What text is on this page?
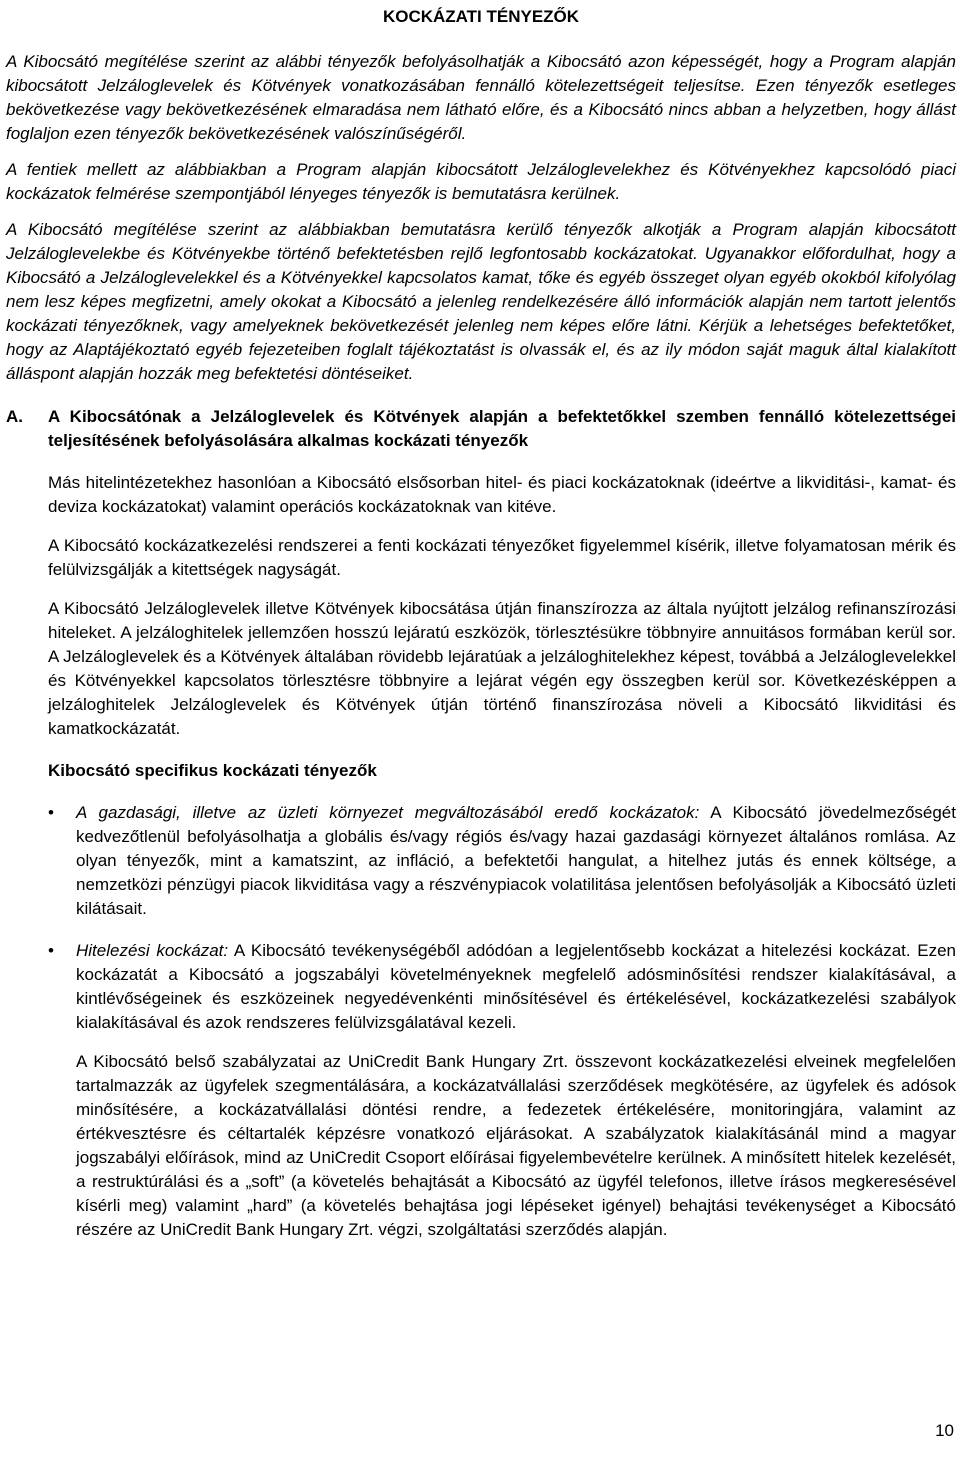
KOCKÁZATI TÉNYEZŐK

A Kibocsátó megítélése szerint az alábbi tényezők befolyásolhatják a Kibocsátó azon képességét, hogy a Program alapján kibocsátott Jelzáloglevelek és Kötvények vonatkozásában fennálló kötelezettségeit teljesítse. Ezen tényezők esetleges bekövetkezése vagy bekövetkezésének elmaradása nem látható előre, és a Kibocsátó nincs abban a helyzetben, hogy állást foglaljon ezen tényezők bekövetkezésének valószínűségéről.

A fentiek mellett az alábbiakban a Program alapján kibocsátott Jelzáloglevelekhez és Kötvényekhez kapcsolódó piaci kockázatok felmérése szempontjából lényeges tényezők is bemutatásra kerülnek.

A Kibocsátó megítélése szerint az alábbiakban bemutatásra kerülő tényezők alkotják a Program alapján kibocsátott Jelzáloglevelekbe és Kötvényekbe történő befektetésben rejlő legfontosabb kockázatokat. Ugyanakkor előfordulhat, hogy a Kibocsátó a Jelzáloglevelekkel és a Kötvényekkel kapcsolatos kamat, tőke és egyéb összeget olyan egyéb okokból kifolyólag nem lesz képes megfizetni, amely okokat a Kibocsátó a jelenleg rendelkezésére álló információk alapján nem tartott jelentős kockázati tényezőknek, vagy amelyeknek bekövetkezését jelenleg nem képes előre látni. Kérjük a lehetséges befektetőket, hogy az Alaptájékoztató egyéb fejezeteiben foglalt tájékoztatást is olvassák el, és az ily módon saját maguk által kialakított álláspont alapján hozzák meg befektetési döntéseiket.

A.	A Kibocsátónak a Jelzáloglevelek és Kötvények alapján a befektetőkkel szemben fennálló kötelezettségei teljesítésének befolyásolására alkalmas kockázati tényezők

Más hitelintézetekhez hasonlóan a Kibocsátó elsősorban hitel- és piaci kockázatoknak (ideértve a likviditási-, kamat- és deviza kockázatokat) valamint operációs kockázatoknak van kitéve.

A Kibocsátó kockázatkezelési rendszerei a fenti kockázati tényezőket figyelemmel kísérik, illetve folyamatosan mérik és felülvizsgálják a kitettségek nagyságát.

A Kibocsátó Jelzáloglevelek illetve Kötvények kibocsátása útján finanszírozza az általa nyújtott jelzálog refinanszírozási hiteleket. A jelzáloghitelek jellemzően hosszú lejáratú eszközök, törlesztésükre többnyire annuitásos formában kerül sor. A Jelzáloglevelek és a Kötvények általában rövidebb lejáratúak a jelzáloghitelekhez képest, továbbá a Jelzáloglevelekkel és Kötvényekkel kapcsolatos törlesztésre többnyire a lejárat végén egy összegben kerül sor. Következésképpen a jelzáloghitelek Jelzáloglevelek és Kötvények útján történő finanszírozása növeli a Kibocsátó likviditási és kamatkockázatát.

Kibocsátó specifikus kockázati tényezők
•	A gazdasági, illetve az üzleti környezet megváltozásából eredő kockázatok: A Kibocsátó jövedelmezőségét kedvezőtlenül befolyásolhatja a globális és/vagy régiós és/vagy hazai gazdasági környezet általános romlása. Az olyan tényezők, mint a kamatszint, az infláció, a befektetői hangulat, a hitelhez jutás és ennek költsége, a nemzetközi pénzügyi piacok likviditása vagy a részvénypiacok volatilitása jelentősen befolyásolják a Kibocsátó üzleti kilátásait.
•	Hitelezési kockázat: A Kibocsátó tevékenységéből adódóan a legjelentősebb kockázat a hitelezési kockázat. Ezen kockázatát a Kibocsátó a jogszabályi követelményeknek megfelelő adósminősítési rendszer kialakításával, a kintlévőségeinek és eszközeinek negyedévenkénti minősítésével és értékelésével, kockázatkezelési szabályok kialakításával és azok rendszeres felülvizsgálatával kezeli.

A Kibocsátó belső szabályzatai az UniCredit Bank Hungary Zrt. összevont kockázatkezelési elveinek megfelelően tartalmazzák az ügyfelek szegmentálására, a kockázatvállalási szerződések megkötésére, az ügyfelek és adósok minősítésére, a kockázatvállalási döntési rendre, a fedezetek értékelésére, monitoringjára, valamint az értékvesztésre és céltartalék képzésre vonatkozó eljárásokat. A szabályzatok kialakításánál mind a magyar jogszabályi előírások, mind az UniCredit Csoport előírásai figyelembevételre kerülnek. A minősített hitelek kezelését, a restruktúrálási és a „soft” (a követelés behajtását a Kibocsátó az ügyfél telefonos, illetve írásos megkeresésével kísérli meg) valamint „hard” (a követelés behajtása jogi lépéseket igényel) behajtási tevékenységet a Kibocsátó részére az UniCredit Bank Hungary Zrt. végzi, szolgáltatási szerződés alapján.

10
